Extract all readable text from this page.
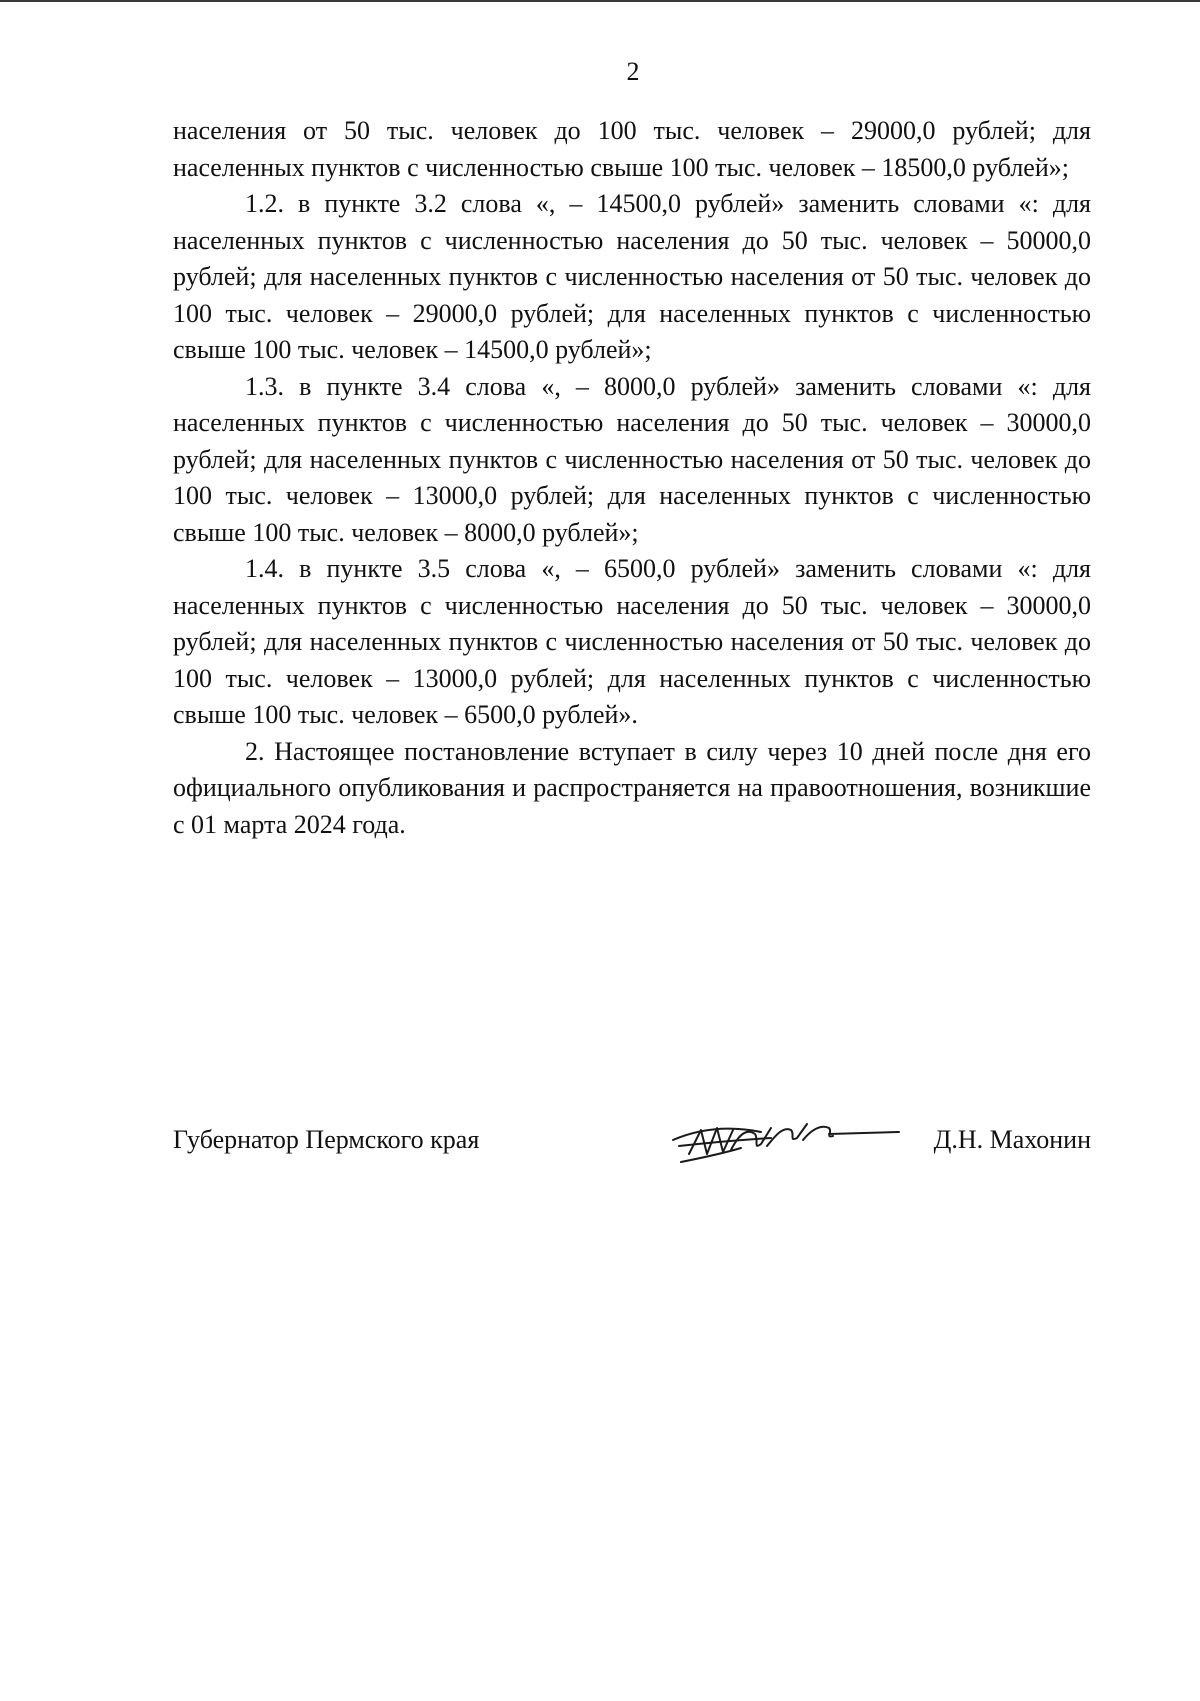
2

населения от 50 тыс. человек до 100 тыс. человек – 29000,0 рублей; для населенных пунктов с численностью свыше 100 тыс. человек – 18500,0 рублей»;

1.2. в пункте 3.2 слова «, – 14500,0 рублей» заменить словами «: для населенных пунктов с численностью населения до 50 тыс. человек – 50000,0 рублей; для населенных пунктов с численностью населения от 50 тыс. человек до 100 тыс. человек – 29000,0 рублей; для населенных пунктов с численностью свыше 100 тыс. человек – 14500,0 рублей»;

1.3. в пункте 3.4 слова «, – 8000,0 рублей» заменить словами «: для населенных пунктов с численностью населения до 50 тыс. человек – 30000,0 рублей; для населенных пунктов с численностью населения от 50 тыс. человек до 100 тыс. человек – 13000,0 рублей; для населенных пунктов с численностью свыше 100 тыс. человек – 8000,0 рублей»;

1.4. в пункте 3.5 слова «, – 6500,0 рублей» заменить словами «: для населенных пунктов с численностью населения до 50 тыс. человек – 30000,0 рублей; для населенных пунктов с численностью населения от 50 тыс. человек до 100 тыс. человек – 13000,0 рублей; для населенных пунктов с численностью свыше 100 тыс. человек – 6500,0 рублей».

2. Настоящее постановление вступает в силу через 10 дней после дня его официального опубликования и распространяется на правоотношения, возникшие с 01 марта 2024 года.

Губернатор Пермского края	Д.Н. Махонин
